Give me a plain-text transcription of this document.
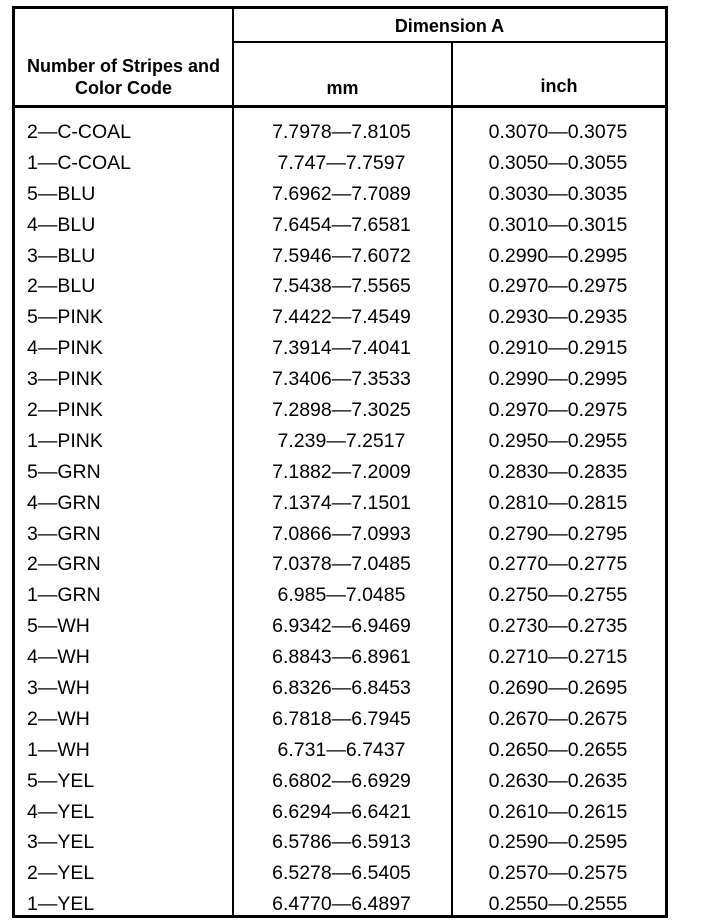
Number of Stripes and Color Code
Dimension A
mm	inch
2—C-COAL	7.7978—7.8105	0.3070—0.3075
1—C-COAL	7.747—7.7597	0.3050—0.3055
5—BLU	7.6962—7.7089	0.3030—0.3035
4—BLU	7.6454—7.6581	0.3010—0.3015
3—BLU	7.5946—7.6072	0.2990—0.2995
2—BLU	7.5438—7.5565	0.2970—0.2975
5—PINK	7.4422—7.4549	0.2930—0.2935
4—PINK	7.3914—7.4041	0.2910—0.2915
3—PINK	7.3406—7.3533	0.2990—0.2995
2—PINK	7.2898—7.3025	0.2970—0.2975
1—PINK	7.239—7.2517	0.2950—0.2955
5—GRN	7.1882—7.2009	0.2830—0.2835
4—GRN	7.1374—7.1501	0.2810—0.2815
3—GRN	7.0866—7.0993	0.2790—0.2795
2—GRN	7.0378—7.0485	0.2770—0.2775
1—GRN	6.985—7.0485	0.2750—0.2755
5—WH	6.9342—6.9469	0.2730—0.2735
4—WH	6.8843—6.8961	0.2710—0.2715
3—WH	6.8326—6.8453	0.2690—0.2695
2—WH	6.7818—6.7945	0.2670—0.2675
1—WH	6.731—6.7437	0.2650—0.2655
5—YEL	6.6802—6.6929	0.2630—0.2635
4—YEL	6.6294—6.6421	0.2610—0.2615
3—YEL	6.5786—6.5913	0.2590—0.2595
2—YEL	6.5278—6.5405	0.2570—0.2575
1—YEL	6.4770—6.4897	0.2550—0.2555
